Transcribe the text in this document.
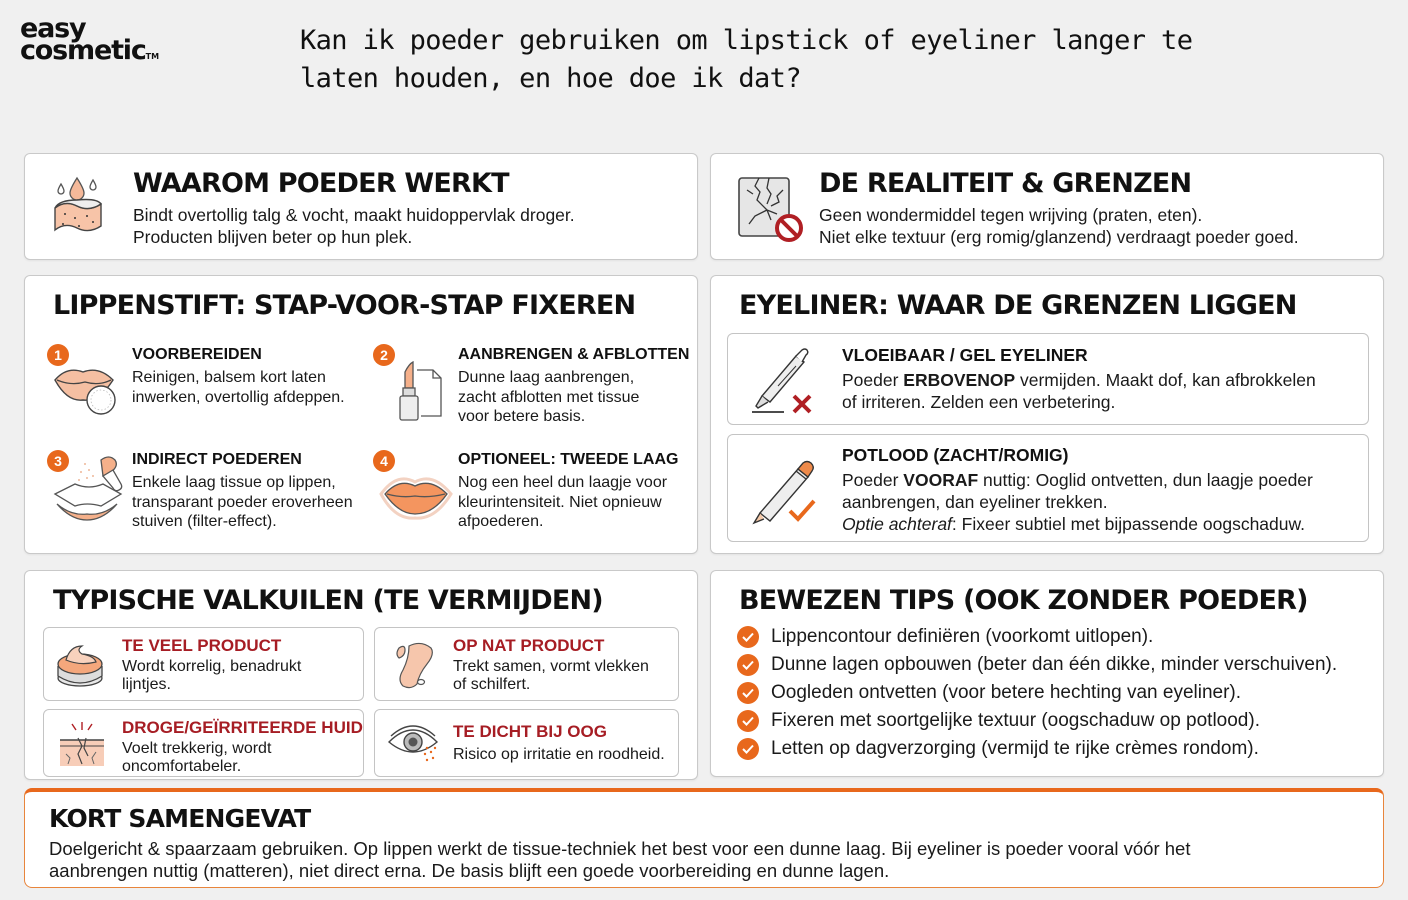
easy
cosmetic™
Kan ik poeder gebruiken om lipstick of eyeliner langer te laten houden, en hoe doe ik dat?
WAAROM POEDER WERKT
Bindt overtollig talg & vocht, maakt huidoppervlak droger.
Producten blijven beter op hun plek.
DE REALITEIT & GRENZEN
Geen wondermiddel tegen wrijving (praten, eten).
Niet elke textuur (erg romig/glanzend) verdraagt poeder goed.
LIPPENSTIFT: STAP-VOOR-STAP FIXEREN
1	VOORBEREIDEN
Reinigen, balsem kort laten
inwerken, overtollig afdeppen.
2	AANBRENGEN & AFBLOTTEN
Dunne laag aanbrengen,
zacht afblotten met tissue
voor betere basis.
3	INDIRECT POEDEREN
Enkele laag tissue op lippen,
transparant poeder eroverheen
stuiven (filter-effect).
4	OPTIONEEL: TWEEDE LAAG
Nog een heel dun laagje voor
kleurintensiteit. Niet opnieuw
afpoederen.
EYELINER: WAAR DE GRENZEN LIGGEN
VLOEIBAAR / GEL EYELINER
Poeder ERBOVENOP vermijden. Maakt dof, kan afbrokkelen
of irriteren. Zelden een verbetering.
POTLOOD (ZACHT/ROMIG)
Poeder VOORAF nuttig: Ooglid ontvetten, dun laagje poeder
aanbrengen, dan eyeliner trekken.
Optie achteraf: Fixeer subtiel met bijpassende oogschaduw.
TYPISCHE VALKUILEN (TE VERMIJDEN)
TE VEEL PRODUCT
Wordt korrelig, benadrukt
lijntjes.
OP NAT PRODUCT
Trekt samen, vormt vlekken
of schilfert.
DROGE/GEÏRRITEERDE HUID
Voelt trekkerig, wordt
oncomfortabeler.
TE DICHT BIJ OOG
Risico op irritatie en roodheid.
BEWEZEN TIPS (OOK ZONDER POEDER)
Lippencontour definiëren (voorkomt uitlopen).
Dunne lagen opbouwen (beter dan één dikke, minder verschuiven).
Oogleden ontvetten (voor betere hechting van eyeliner).
Fixeren met soortgelijke textuur (oogschaduw op potlood).
Letten op dagverzorging (vermijd te rijke crèmes rondom).
KORT SAMENGEVAT
Doelgericht & spaarzaam gebruiken. Op lippen werkt de tissue-techniek het best voor een dunne laag. Bij eyeliner is poeder vooral vóór het
aanbrengen nuttig (matteren), niet direct erna. De basis blijft een goede voorbereiding en dunne lagen.
